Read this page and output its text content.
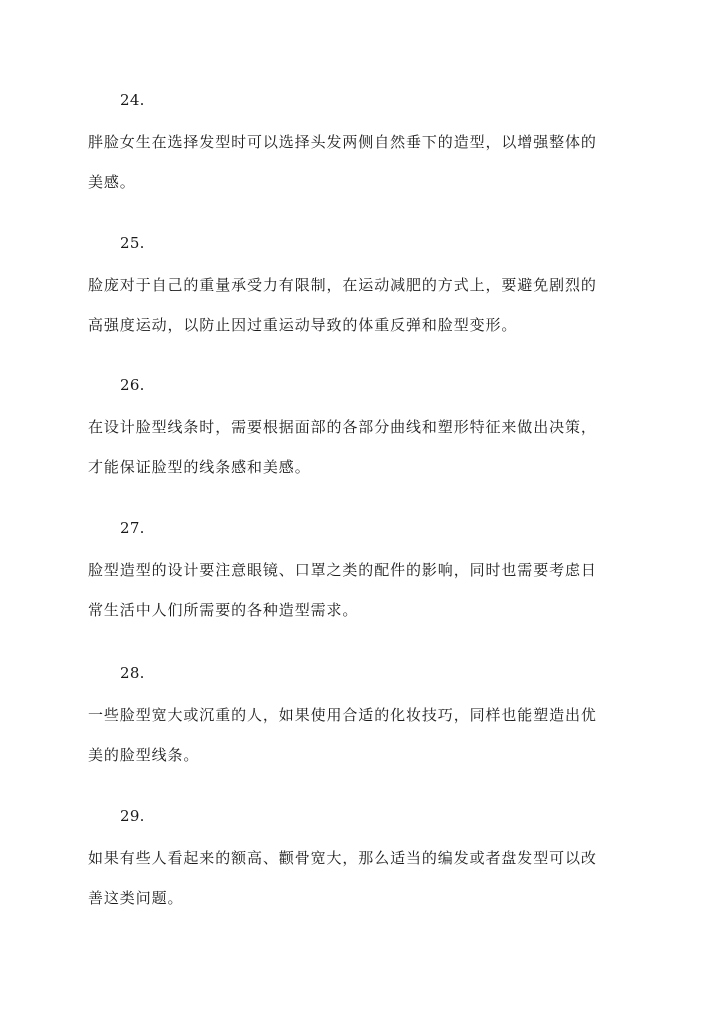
24.
胖脸女生在选择发型时可以选择头发两侧自然垂下的造型，以增强整体的
美感。
25.
脸庞对于自己的重量承受力有限制，在运动减肥的方式上，要避免剧烈的
高强度运动，以防止因过重运动导致的体重反弹和脸型变形。
26.
在设计脸型线条时，需要根据面部的各部分曲线和塑形特征来做出决策，
才能保证脸型的线条感和美感。
27.
脸型造型的设计要注意眼镜、口罩之类的配件的影响，同时也需要考虑日
常生活中人们所需要的各种造型需求。
28.
一些脸型宽大或沉重的人，如果使用合适的化妆技巧，同样也能塑造出优
美的脸型线条。
29.
如果有些人看起来的额高、颧骨宽大，那么适当的编发或者盘发型可以改
善这类问题。
